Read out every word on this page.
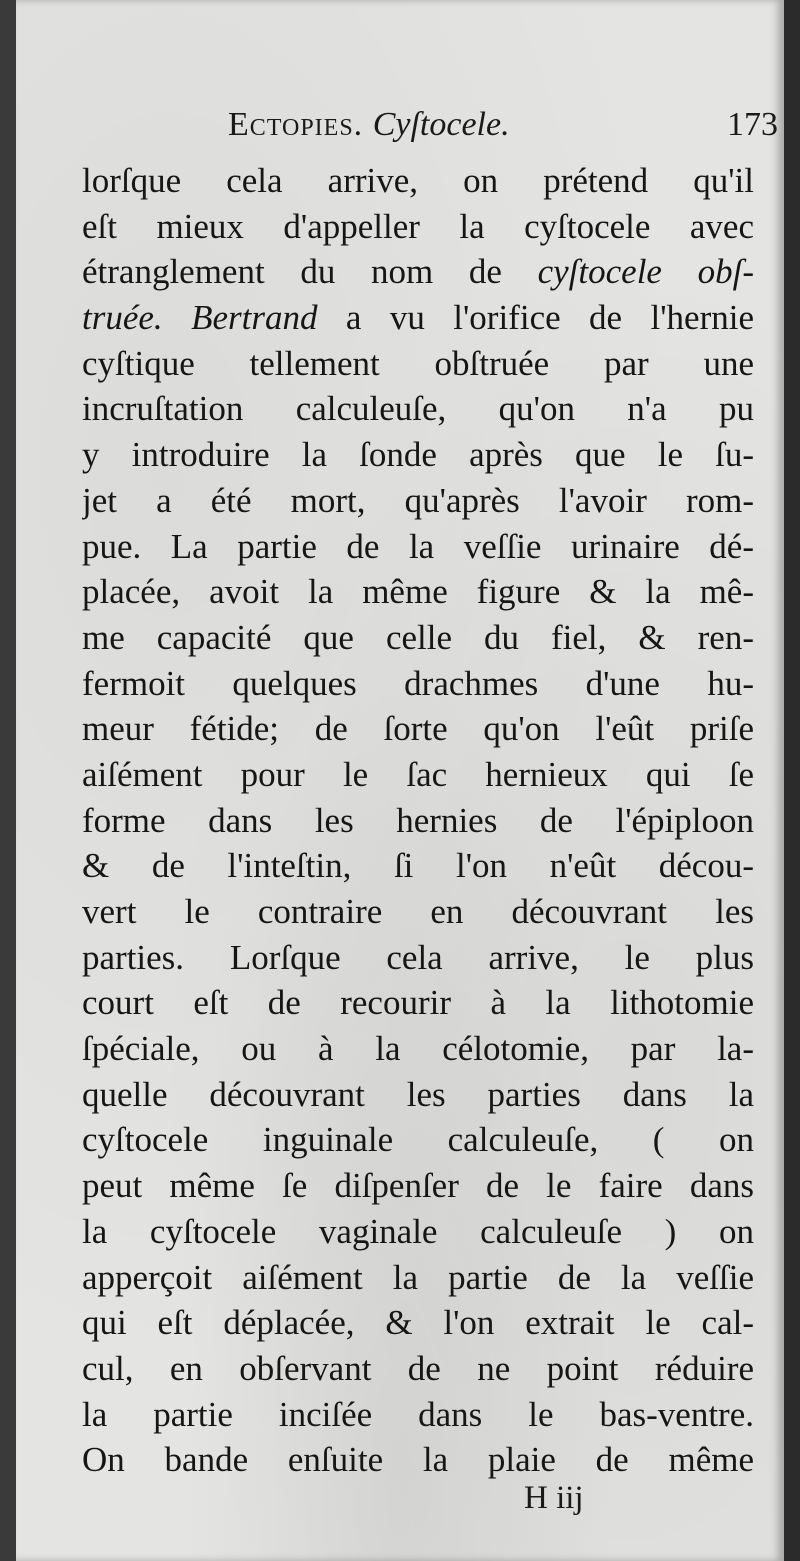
Ectopies. Cyſtocele.	173
lorſque cela arrive, on prétend qu'il
eſt mieux d'appeller la cyſtocele avec
étranglement du nom de cyſtocele obſ-
truée. Bertrand a vu l'orifice de l'hernie
cyſtique tellement obſtruée par une
incruſtation calculeuſe, qu'on n'a pu
y introduire la ſonde après que le ſu-
jet a été mort, qu'après l'avoir rom-
pue. La partie de la veſſie urinaire dé-
placée, avoit la même figure & la mê-
me capacité que celle du fiel, & ren-
fermoit quelques drachmes d'une hu-
meur fétide; de ſorte qu'on l'eût priſe
aiſément pour le ſac hernieux qui ſe
forme dans les hernies de l'épiploon
& de l'inteſtin, ſi l'on n'eût décou-
vert le contraire en découvrant les
parties. Lorſque cela arrive, le plus
court eſt de recourir à la lithotomie
ſpéciale, ou à la célotomie, par la-
quelle découvrant les parties dans la
cyſtocele inguinale calculeuſe, ( on
peut même ſe diſpenſer de le faire dans
la cyſtocele vaginale calculeuſe ) on
apperçoit aiſément la partie de la veſſie
qui eſt déplacée, & l'on extrait le cal-
cul, en obſervant de ne point réduire
la partie inciſée dans le bas-ventre.
On bande enſuite la plaie de même
H iij
